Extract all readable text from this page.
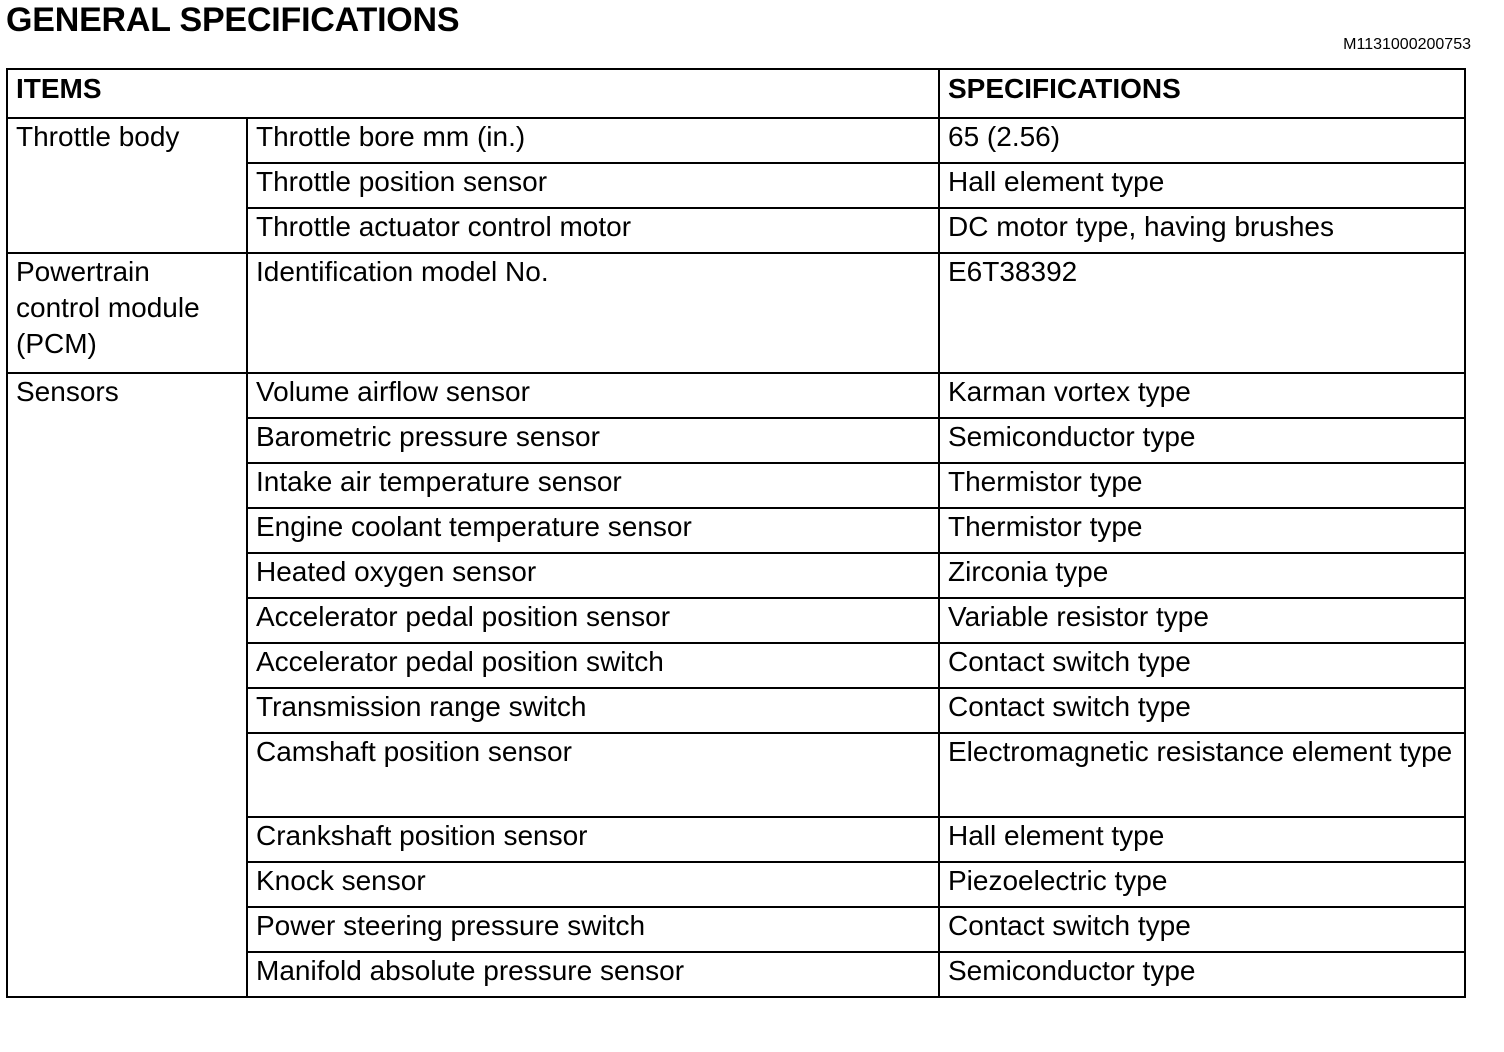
GENERAL SPECIFICATIONS
M1131000200753
ITEMS		SPECIFICATIONS
Throttle body	Throttle bore mm (in.)	65 (2.56)
	Throttle position sensor	Hall element type
	Throttle actuator control motor	DC motor type, having brushes
Powertrain control module (PCM)	Identification model No.	E6T38392
Sensors	Volume airflow sensor	Karman vortex type
	Barometric pressure sensor	Semiconductor type
	Intake air temperature sensor	Thermistor type
	Engine coolant temperature sensor	Thermistor type
	Heated oxygen sensor	Zirconia type
	Accelerator pedal position sensor	Variable resistor type
	Accelerator pedal position switch	Contact switch type
	Transmission range switch	Contact switch type
	Camshaft position sensor	Electromagnetic resistance element type
	Crankshaft position sensor	Hall element type
	Knock sensor	Piezoelectric type
	Power steering pressure switch	Contact switch type
	Manifold absolute pressure sensor	Semiconductor type
